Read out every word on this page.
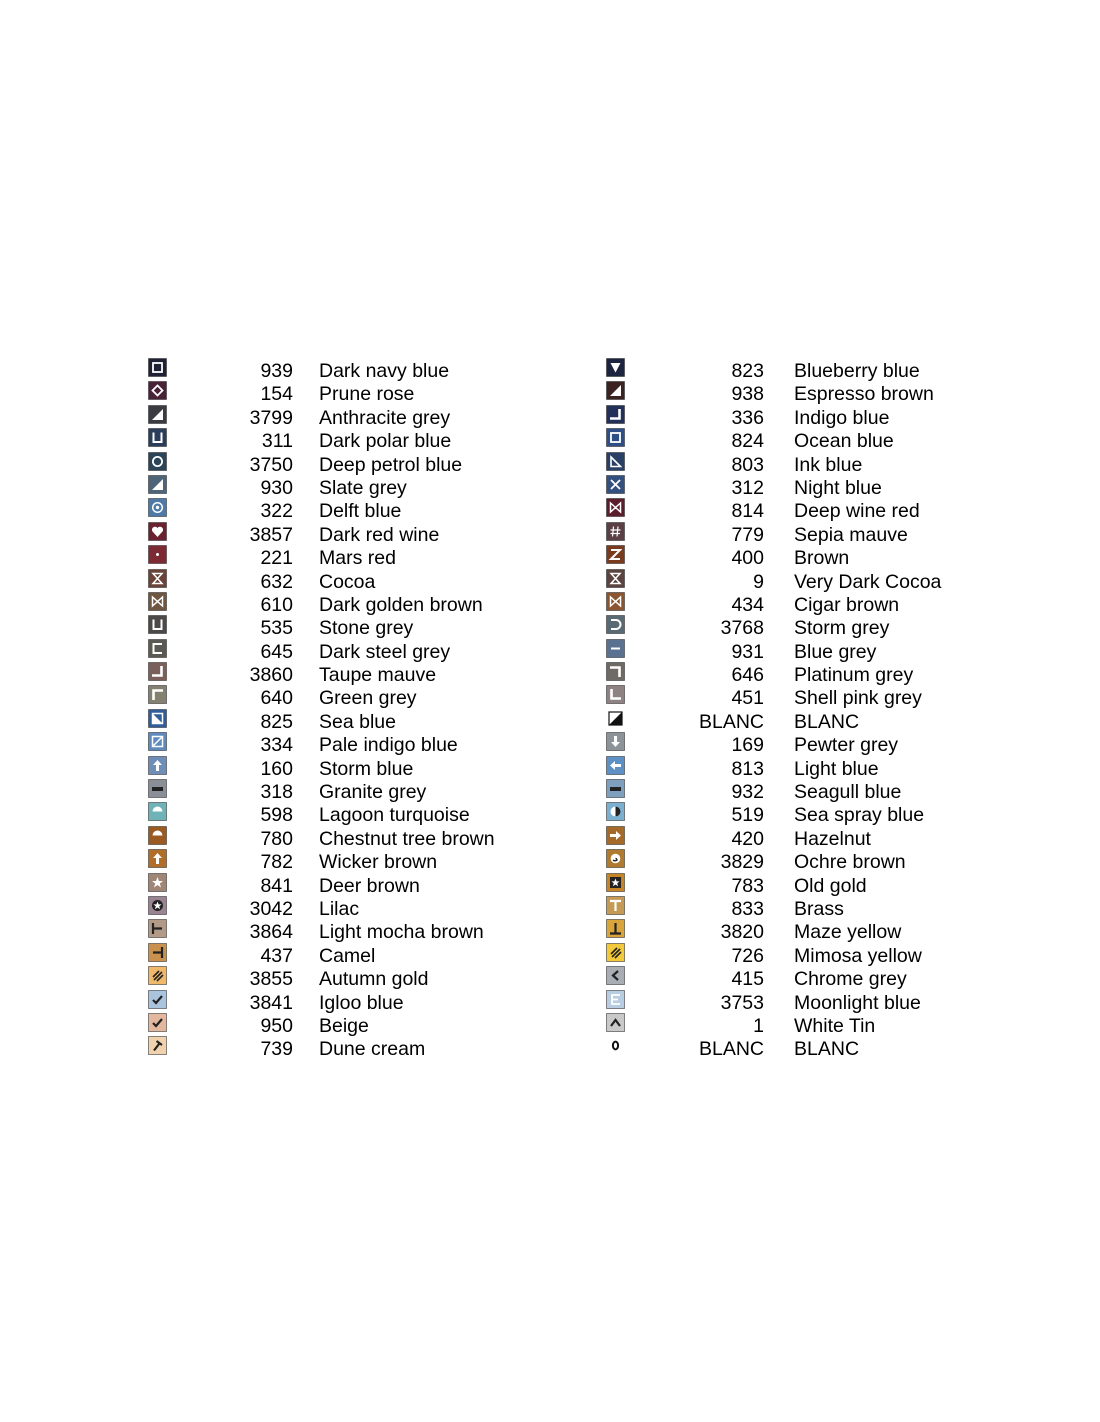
939 Dark navy blue
154 Prune rose
3799 Anthracite grey
311 Dark polar blue
3750 Deep petrol blue
930 Slate grey
322 Delft blue
3857 Dark red wine
221 Mars red
632 Cocoa
610 Dark golden brown
535 Stone grey
645 Dark steel grey
3860 Taupe mauve
640 Green grey
825 Sea blue
334 Pale indigo blue
160 Storm blue
318 Granite grey
598 Lagoon turquoise
780 Chestnut tree brown
782 Wicker brown
841 Deer brown
3042 Lilac
3864 Light mocha brown
437 Camel
3855 Autumn gold
3841 Igloo blue
950 Beige
739 Dune cream
823 Blueberry blue
938 Espresso brown
336 Indigo blue
824 Ocean blue
803 Ink blue
312 Night blue
814 Deep wine red
779 Sepia mauve
400 Brown
9 Very Dark Cocoa
434 Cigar brown
3768 Storm grey
931 Blue grey
646 Platinum grey
451 Shell pink grey
BLANC BLANC
169 Pewter grey
813 Light blue
932 Seagull blue
519 Sea spray blue
420 Hazelnut
3829 Ochre brown
783 Old gold
833 Brass
3820 Maze yellow
726 Mimosa yellow
415 Chrome grey
3753 Moonlight blue
1 White Tin
BLANC BLANC
